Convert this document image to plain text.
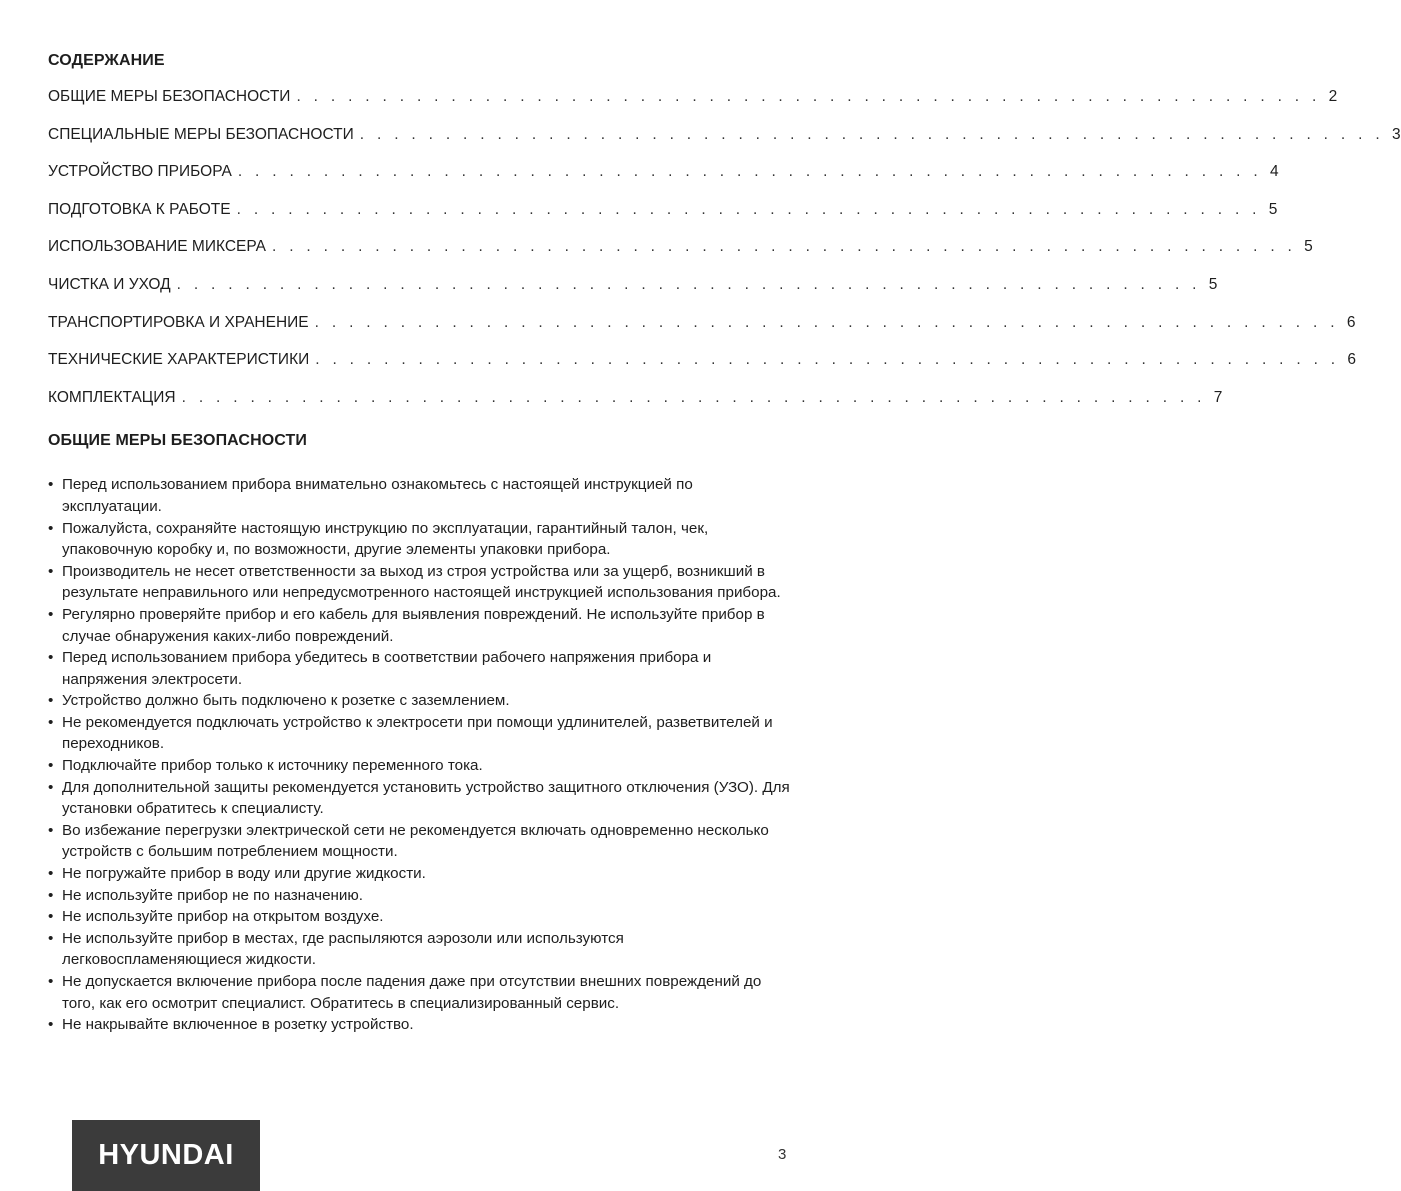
СОДЕРЖАНИЕ
ОБЩИЕ МЕРЫ БЕЗОПАСНОСТИ . . . . . . . . . . . . . . . . . . . . . . . . . . . . . . . . . . . . . . . . . . . . . . . . . . . . . . . . . . . . 2
СПЕЦИАЛЬНЫЕ МЕРЫ БЕЗОПАСНОСТИ . . . . . . . . . . . . . . . . . . . . . . . . . . . . . . . . . . . . . . . . . . . . . . . . . . . . . . . . . . . . 3
УСТРОЙСТВО ПРИБОРА . . . . . . . . . . . . . . . . . . . . . . . . . . . . . . . . . . . . . . . . . . . . . . . . . . . . . . . . . . . . 4
ПОДГОТОВКА К РАБОТЕ . . . . . . . . . . . . . . . . . . . . . . . . . . . . . . . . . . . . . . . . . . . . . . . . . . . . . . . . . . . . 5
ИСПОЛЬЗОВАНИЕ МИКСЕРА . . . . . . . . . . . . . . . . . . . . . . . . . . . . . . . . . . . . . . . . . . . . . . . . . . . . . . . . . . . . 5
ЧИСТКА И УХОД . . . . . . . . . . . . . . . . . . . . . . . . . . . . . . . . . . . . . . . . . . . . . . . . . . . . . . . . . . . . 5
ТРАНСПОРТИРОВКА И ХРАНЕНИЕ . . . . . . . . . . . . . . . . . . . . . . . . . . . . . . . . . . . . . . . . . . . . . . . . . . . . . . . . . . . . 6
ТЕХНИЧЕСКИЕ ХАРАКТЕРИСТИКИ . . . . . . . . . . . . . . . . . . . . . . . . . . . . . . . . . . . . . . . . . . . . . . . . . . . . . . . . . . . . 6
КОМПЛЕКТАЦИЯ . . . . . . . . . . . . . . . . . . . . . . . . . . . . . . . . . . . . . . . . . . . . . . . . . . . . . . . . . . . . 7
ОБЩИЕ МЕРЫ БЕЗОПАСНОСТИ
• Перед использованием прибора внимательно ознакомьтесь с настоящей инструкцией по эксплуатации.
• Пожалуйста, сохраняйте настоящую инструкцию по эксплуатации, гарантийный талон, чек, упаковочную коробку и, по возможности, другие элементы упаковки прибора.
• Производитель не несет ответственности за выход из строя устройства или за ущерб, возникший в результате неправильного или непредусмотренного настоящей инструкцией использования прибора.
• Регулярно проверяйте прибор и его кабель для выявления повреждений. Не используйте прибор в случае обнаружения каких-либо повреждений.
• Перед использованием прибора убедитесь в соответствии рабочего напряжения прибора и напряжения электросети.
• Устройство должно быть подключено к розетке с заземлением.
• Не рекомендуется подключать устройство к электросети при помощи удлинителей, разветвителей и переходников.
• Подключайте прибор только к источнику переменного тока.
• Для дополнительной защиты рекомендуется установить устройство защитного отключения (УЗО). Для установки обратитесь к специалисту.
• Во избежание перегрузки электрической сети не рекомендуется включать одновременно несколько устройств с большим потреблением мощности.
• Не погружайте прибор в воду или другие жидкости.
• Не используйте прибор не по назначению.
• Не используйте прибор на открытом воздухе.
• Не используйте прибор в местах, где распыляются аэрозоли или используются легковоспламеняющиеся жидкости.
• Не допускается включение прибора после падения даже при отсутствии внешних повреждений до того, как его осмотрит специалист. Обратитесь в специализированный сервис.
• Не накрывайте включенное в розетку устройство.
HYUNDAI	3
